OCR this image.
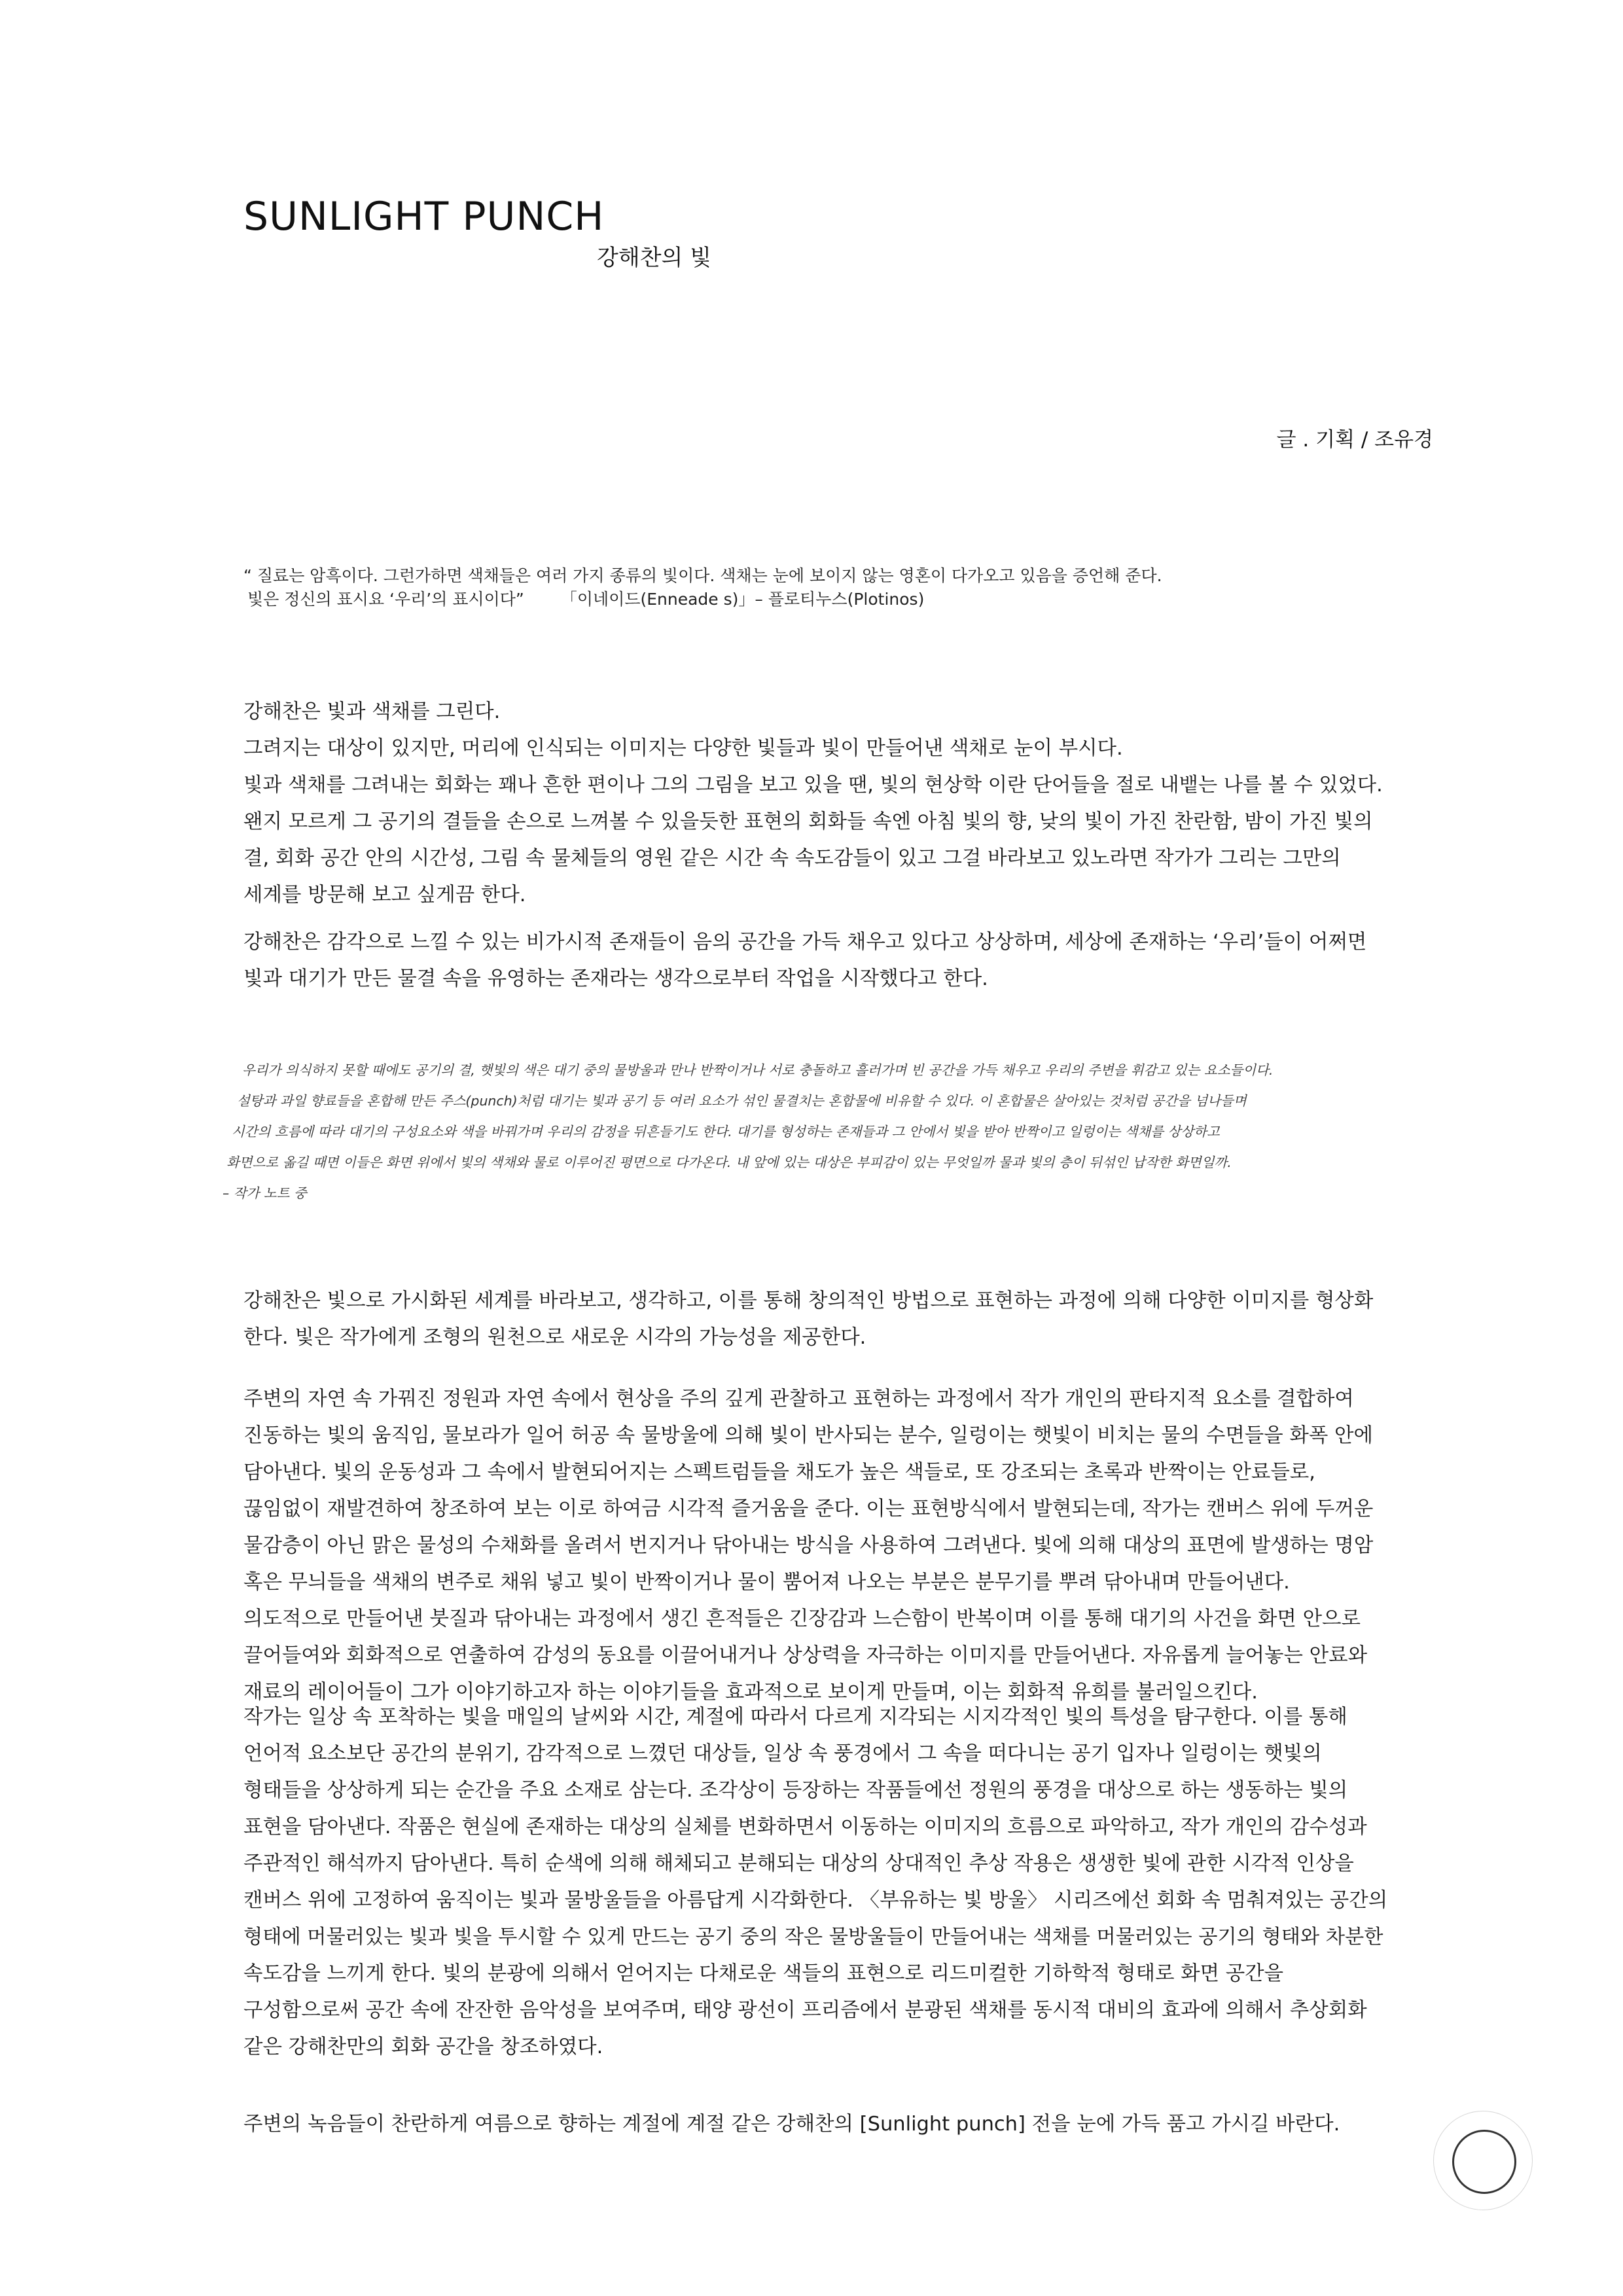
SUNLIGHT PUNCH
강해찬의 빛
글 . 기획 / 조유경
“ 질료는 암흑이다. 그런가하면 색채들은 여러 가지 종류의 빛이다. 색채는 눈에 보이지 않는 영혼이 다가오고 있음을 증언해 준다.
빛은 정신의 표시요 ‘우리’의 표시이다” 「이네이드(Enneade s)」– 플로티누스(Plotinos)
강해찬은 빛과 색채를 그린다.
그려지는 대상이 있지만, 머리에 인식되는 이미지는 다양한 빛들과 빛이 만들어낸 색채로 눈이 부시다.
빛과 색채를 그려내는 회화는 꽤나 흔한 편이나 그의 그림을 보고 있을 땐, 빛의 현상학 이란 단어들을 절로 내뱉는 나를 볼 수 있었다.
왠지 모르게 그 공기의 결들을 손으로 느껴볼 수 있을듯한 표현의 회화들 속엔 아침 빛의 향, 낮의 빛이 가진 찬란함, 밤이 가진 빛의
결, 회화 공간 안의 시간성, 그림 속 물체들의 영원 같은 시간 속 속도감들이 있고 그걸 바라보고 있노라면 작가가 그리는 그만의
세계를 방문해 보고 싶게끔 한다.
강해찬은 감각으로 느낄 수 있는 비가시적 존재들이 음의 공간을 가득 채우고 있다고 상상하며, 세상에 존재하는 ‘우리’들이 어쩌면
빛과 대기가 만든 물결 속을 유영하는 존재라는 생각으로부터 작업을 시작했다고 한다.
우리가 의식하지 못할 때에도 공기의 결, 햇빛의 색은 대기 중의 물방울과 만나 반짝이거나 서로 충돌하고 흘러가며 빈 공간을 가득 채우고 우리의 주변을 휘감고 있는 요소들이다.
설탕과 과일 향료들을 혼합해 만든 주스(punch)처럼 대기는 빛과 공기 등 여러 요소가 섞인 물결치는 혼합물에 비유할 수 있다. 이 혼합물은 살아있는 것처럼 공간을 넘나들며
시간의 흐름에 따라 대기의 구성요소와 색을 바꿔가며 우리의 감정을 뒤흔들기도 한다. 대기를 형성하는 존재들과 그 안에서 빛을 받아 반짝이고 일렁이는 색채를 상상하고
화면으로 옮길 때면 이들은 화면 위에서 빛의 색채와 물로 이루어진 평면으로 다가온다. 내 앞에 있는 대상은 부피감이 있는 무엇일까 물과 빛의 층이 뒤섞인 납작한 화면일까.
– 작가 노트 중
강해찬은 빛으로 가시화된 세계를 바라보고, 생각하고, 이를 통해 창의적인 방법으로 표현하는 과정에 의해 다양한 이미지를 형상화
한다. 빛은 작가에게 조형의 원천으로 새로운 시각의 가능성을 제공한다.
주변의 자연 속 가꿔진 정원과 자연 속에서 현상을 주의 깊게 관찰하고 표현하는 과정에서 작가 개인의 판타지적 요소를 결합하여
진동하는 빛의 움직임, 물보라가 일어 허공 속 물방울에 의해 빛이 반사되는 분수, 일렁이는 햇빛이 비치는 물의 수면들을 화폭 안에
담아낸다. 빛의 운동성과 그 속에서 발현되어지는 스펙트럼들을 채도가 높은 색들로, 또 강조되는 초록과 반짝이는 안료들로,
끊임없이 재발견하여 창조하여 보는 이로 하여금 시각적 즐거움을 준다. 이는 표현방식에서 발현되는데, 작가는 캔버스 위에 두꺼운
물감층이 아닌 맑은 물성의 수채화를 올려서 번지거나 닦아내는 방식을 사용하여 그려낸다. 빛에 의해 대상의 표면에 발생하는 명암
혹은 무늬들을 색채의 변주로 채워 넣고 빛이 반짝이거나 물이 뿜어져 나오는 부분은 분무기를 뿌려 닦아내며 만들어낸다.
의도적으로 만들어낸 붓질과 닦아내는 과정에서 생긴 흔적들은 긴장감과 느슨함이 반복이며 이를 통해 대기의 사건을 화면 안으로
끌어들여와 회화적으로 연출하여 감성의 동요를 이끌어내거나 상상력을 자극하는 이미지를 만들어낸다. 자유롭게 늘어놓는 안료와
재료의 레이어들이 그가 이야기하고자 하는 이야기들을 효과적으로 보이게 만들며, 이는 회화적 유희를 불러일으킨다.
작가는 일상 속 포착하는 빛을 매일의 날씨와 시간, 계절에 따라서 다르게 지각되는 시지각적인 빛의 특성을 탐구한다. 이를 통해
언어적 요소보단 공간의 분위기, 감각적으로 느꼈던 대상들, 일상 속 풍경에서 그 속을 떠다니는 공기 입자나 일렁이는 햇빛의
형태들을 상상하게 되는 순간을 주요 소재로 삼는다. 조각상이 등장하는 작품들에선 정원의 풍경을 대상으로 하는 생동하는 빛의
표현을 담아낸다. 작품은 현실에 존재하는 대상의 실체를 변화하면서 이동하는 이미지의 흐름으로 파악하고, 작가 개인의 감수성과
주관적인 해석까지 담아낸다. 특히 순색에 의해 해체되고 분해되는 대상의 상대적인 추상 작용은 생생한 빛에 관한 시각적 인상을
캔버스 위에 고정하여 움직이는 빛과 물방울들을 아름답게 시각화한다. 〈부유하는 빛 방울〉 시리즈에선 회화 속 멈춰져있는 공간의
형태에 머물러있는 빛과 빛을 투시할 수 있게 만드는 공기 중의 작은 물방울들이 만들어내는 색채를 머물러있는 공기의 형태와 차분한
속도감을 느끼게 한다. 빛의 분광에 의해서 얻어지는 다채로운 색들의 표현으로 리드미컬한 기하학적 형태로 화면 공간을
구성함으로써 공간 속에 잔잔한 음악성을 보여주며, 태양 광선이 프리즘에서 분광된 색채를 동시적 대비의 효과에 의해서 추상회화
같은 강해찬만의 회화 공간을 창조하였다.
주변의 녹음들이 찬란하게 여름으로 향하는 계절에 계절 같은 강해찬의 [Sunlight punch] 전을 눈에 가득 품고 가시길 바란다.
